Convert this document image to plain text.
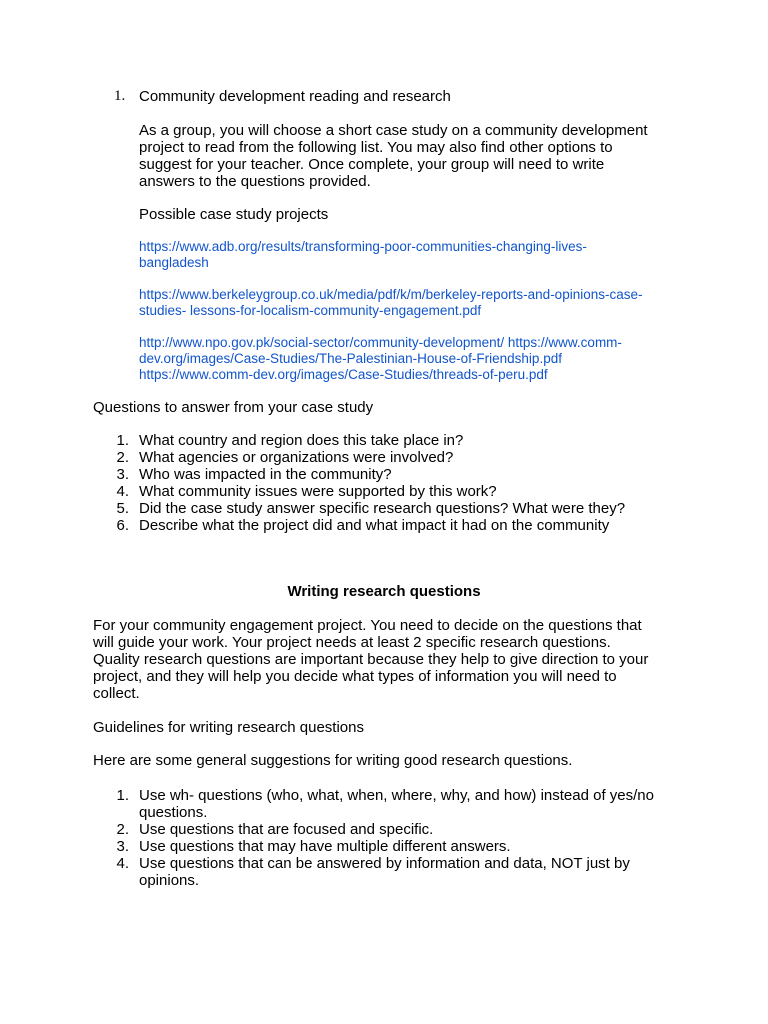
1. Community development reading and research
As a group, you will choose a short case study on a community development
project to read from the following list. You may also find other options to
suggest for your teacher. Once complete, your group will need to write
answers to the questions provided.
Possible case study projects
https://www.adb.org/results/transforming-poor-communities-changing-lives-
bangladesh
https://www.berkeleygroup.co.uk/media/pdf/k/m/berkeley-reports-and-opinions-case-
studies- lessons-for-localism-community-engagement.pdf
http://www.npo.gov.pk/social-sector/community-development/ https://www.comm-
dev.org/images/Case-Studies/The-Palestinian-House-of-Friendship.pdf
https://www.comm-dev.org/images/Case-Studies/threads-of-peru.pdf
Questions to answer from your case study
1. What country and region does this take place in?
2. What agencies or organizations were involved?
3. Who was impacted in the community?
4. What community issues were supported by this work?
5. Did the case study answer specific research questions? What were they?
6. Describe what the project did and what impact it had on the community
Writing research questions
For your community engagement project. You need to decide on the questions that
will guide your work. Your project needs at least 2 specific research questions.
Quality research questions are important because they help to give direction to your
project, and they will help you decide what types of information you will need to
collect.
Guidelines for writing research questions
Here are some general suggestions for writing good research questions.
1. Use wh- questions (who, what, when, where, why, and how) instead of yes/no
questions.
2. Use questions that are focused and specific.
3. Use questions that may have multiple different answers.
4. Use questions that can be answered by information and data, NOT just by
opinions.
